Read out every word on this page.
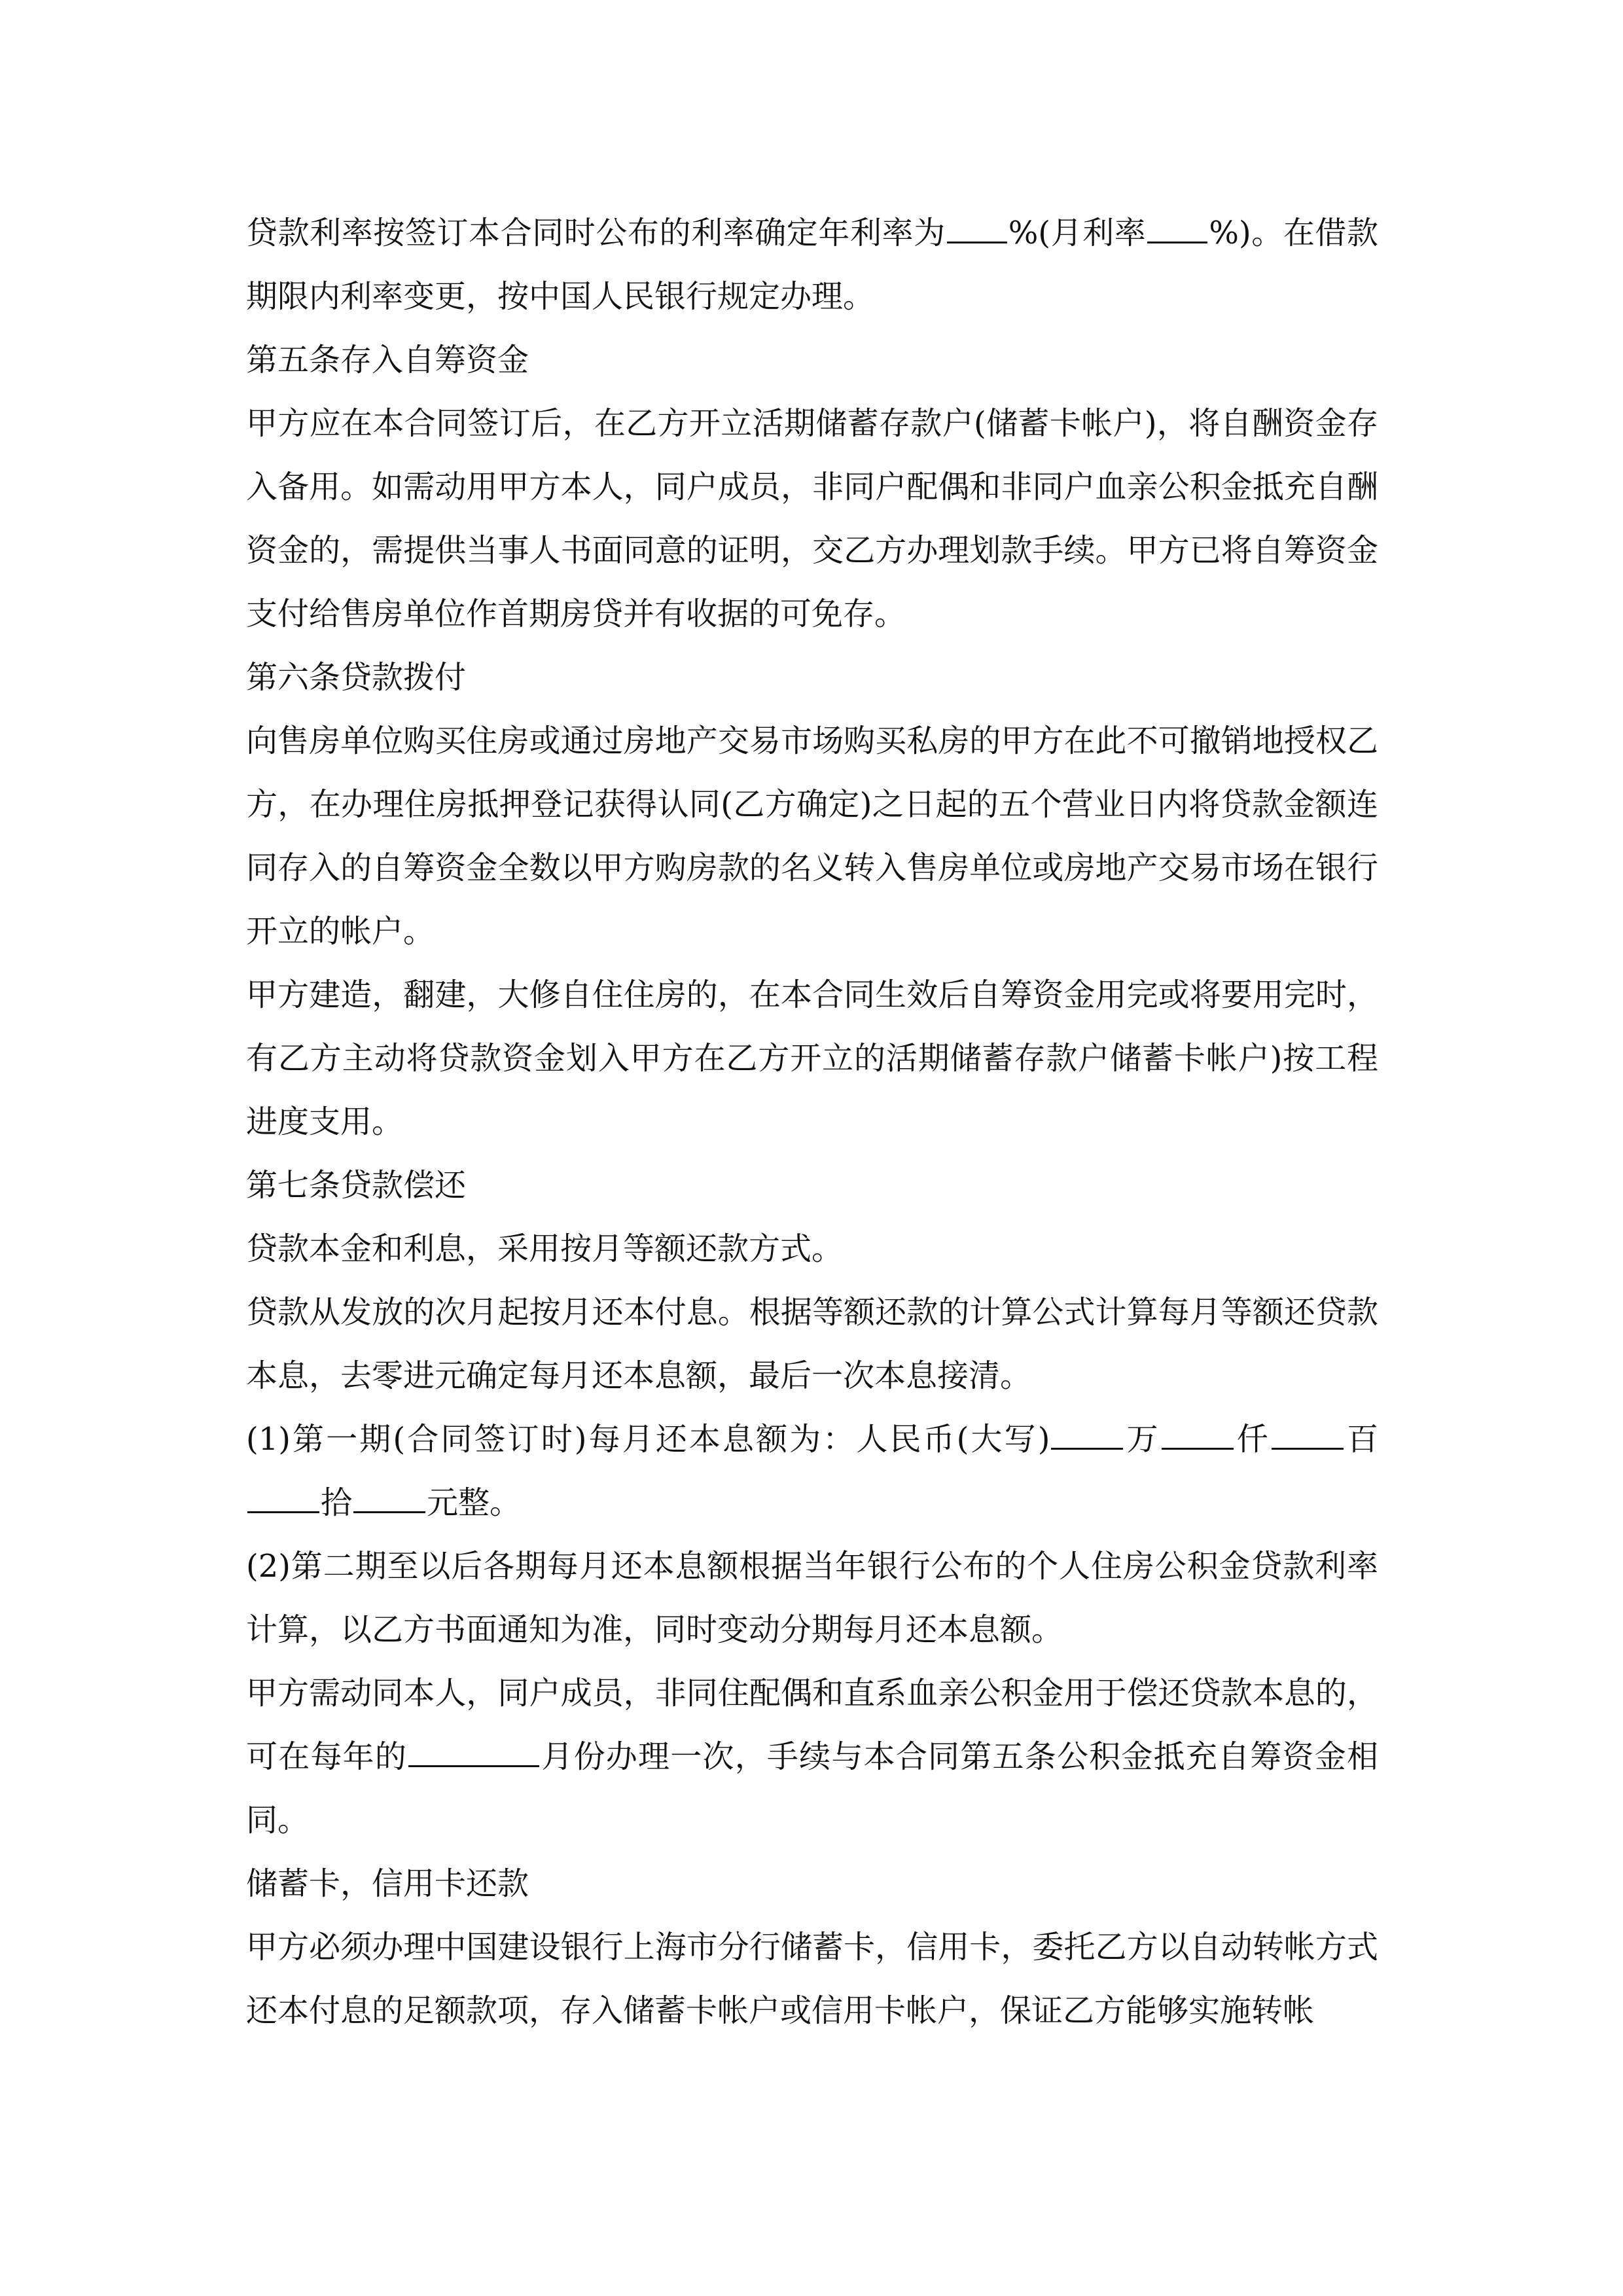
贷款利率按签订本合同时公布的利率确定年利率为 %(月利率 %)。在借款期限内利率变更，按中国人民银行规定办理。

第五条存入自筹资金

甲方应在本合同签订后，在乙方开立活期储蓄存款户(储蓄卡帐户)，将自酬资金存入备用。如需动用甲方本人，同户成员，非同户配偶和非同户血亲公积金抵充自酬资金的，需提供当事人书面同意的证明，交乙方办理划款手续。甲方已将自筹资金支付给售房单位作首期房贷并有收据的可免存。

第六条贷款拨付

向售房单位购买住房或通过房地产交易市场购买私房的甲方在此不可撤销地授权乙方，在办理住房抵押登记获得认同(乙方确定)之日起的五个营业日内将贷款金额连同存入的自筹资金全数以甲方购房款的名义转入售房单位或房地产交易市场在银行开立的帐户。

甲方建造，翻建，大修自住住房的，在本合同生效后自筹资金用完或将要用完时，有乙方主动将贷款资金划入甲方在乙方开立的活期储蓄存款户储蓄卡帐户)按工程进度支用。

第七条贷款偿还

贷款本金和利息，采用按月等额还款方式。

贷款从发放的次月起按月还本付息。根据等额还款的计算公式计算每月等额还贷款本息，去零进元确定每月还本息额，最后一次本息接清。

(1)第一期(合同签订时)每月还本息额为：人民币(大写) 万 仟 百拾 元整。

(2)第二期至以后各期每月还本息额根据当年银行公布的个人住房公积金贷款利率计算，以乙方书面通知为准，同时变动分期每月还本息额。

甲方需动同本人，同户成员，非同住配偶和直系血亲公积金用于偿还贷款本息的，可在每年的	月份办理一次，手续与本合同第五条公积金抵充自筹资金相同。

储蓄卡，信用卡还款

甲方必须办理中国建设银行上海市分行储蓄卡，信用卡，委托乙方以自动转帐方式还本付息的足额款项，存入储蓄卡帐户或信用卡帐户，保证乙方能够实施转帐
